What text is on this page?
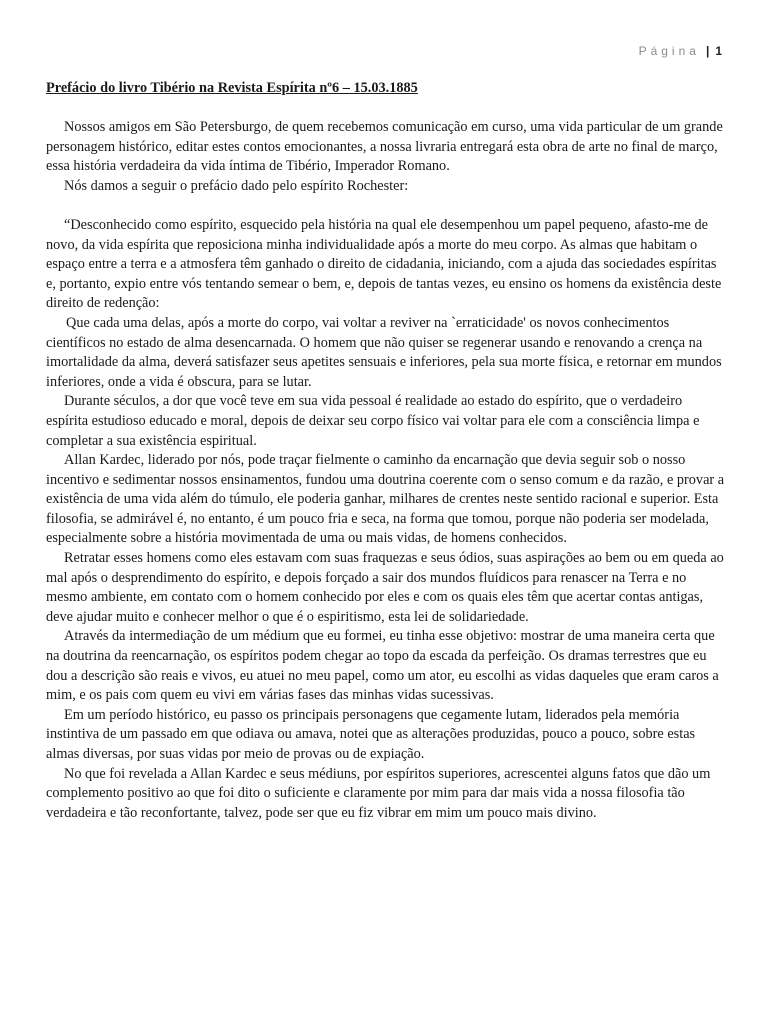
Página | 1
Prefácio do livro Tibério na Revista Espírita nº6 – 15.03.1885

Nossos amigos em São Petersburgo, de quem recebemos comunicação em curso, uma vida particular de um grande personagem histórico, editar estes contos emocionantes, a nossa livraria entregará esta obra de arte no final de março, essa história verdadeira da vida íntima de Tibério, Imperador Romano.

Nós damos a seguir o prefácio dado pelo espírito Rochester:

“Desconhecido como espírito, esquecido pela história na qual ele desempenhou um papel pequeno, afasto-me de novo, da vida espírita que reposiciona minha individualidade após a morte do meu corpo. As almas que habitam o espaço entre a terra e a atmosfera têm ganhado o direito de cidadania, iniciando, com a ajuda das sociedades espíritas e, portanto, expio entre vós tentando semear o bem, e, depois de tantas vezes, eu ensino os homens da existência deste direito de redenção:

Que cada uma delas, após a morte do corpo, vai voltar a reviver na `erraticidade' os novos conhecimentos científicos no estado de alma desencarnada. O homem que não quiser se regenerar usando e renovando a crença na imortalidade da alma, deverá satisfazer seus apetites sensuais e inferiores, pela sua morte física, e retornar em mundos inferiores, onde a vida é obscura, para se lutar.

Durante séculos, a dor que você teve em sua vida pessoal é realidade ao estado do espírito, que o verdadeiro espírita estudioso educado e moral, depois de deixar seu corpo físico vai voltar para ele com a consciência limpa e completar a sua existência espiritual.

Allan Kardec, liderado por nós, pode traçar fielmente o caminho da encarnação que devia seguir sob o nosso incentivo e sedimentar nossos ensinamentos, fundou uma doutrina coerente com o senso comum e da razão, e provar a existência de uma vida além do túmulo, ele poderia ganhar, milhares de crentes neste sentido racional e superior. Esta filosofia, se admirável é, no entanto, é um pouco fria e seca, na forma que tomou, porque não poderia ser modelada, especialmente sobre a história movimentada de uma ou mais vidas, de homens conhecidos.

Retratar esses homens como eles estavam com suas fraquezas e seus ódios, suas aspirações ao bem ou em queda ao mal após o desprendimento do espírito, e depois forçado a sair dos mundos fluídicos para renascer na Terra e no mesmo ambiente, em contato com o homem conhecido por eles e com os quais eles têm que acertar contas antigas, deve ajudar muito e conhecer melhor o que é o espiritismo, esta lei de solidariedade.

Através da intermediação de um médium que eu formei, eu tinha esse objetivo: mostrar de uma maneira certa que na doutrina da reencarnação, os espíritos podem chegar ao topo da escada da perfeição. Os dramas terrestres que eu dou a descrição são reais e vivos, eu atuei no meu papel, como um ator, eu escolhi as vidas daqueles que eram caros a mim, e os pais com quem eu vivi em várias fases das minhas vidas sucessivas.

Em um período histórico, eu passo os principais personagens que cegamente lutam, liderados pela memória instintiva de um passado em que odiava ou amava, notei que as alterações produzidas, pouco a pouco, sobre estas almas diversas, por suas vidas por meio de provas ou de expiação.

No que foi revelada a Allan Kardec e seus médiuns, por espíritos superiores, acrescentei alguns fatos que dão um complemento positivo ao que foi dito o suficiente e claramente por mim para dar mais vida a nossa filosofia tão verdadeira e tão reconfortante, talvez, pode ser que eu fiz vibrar em mim um pouco mais divino.
